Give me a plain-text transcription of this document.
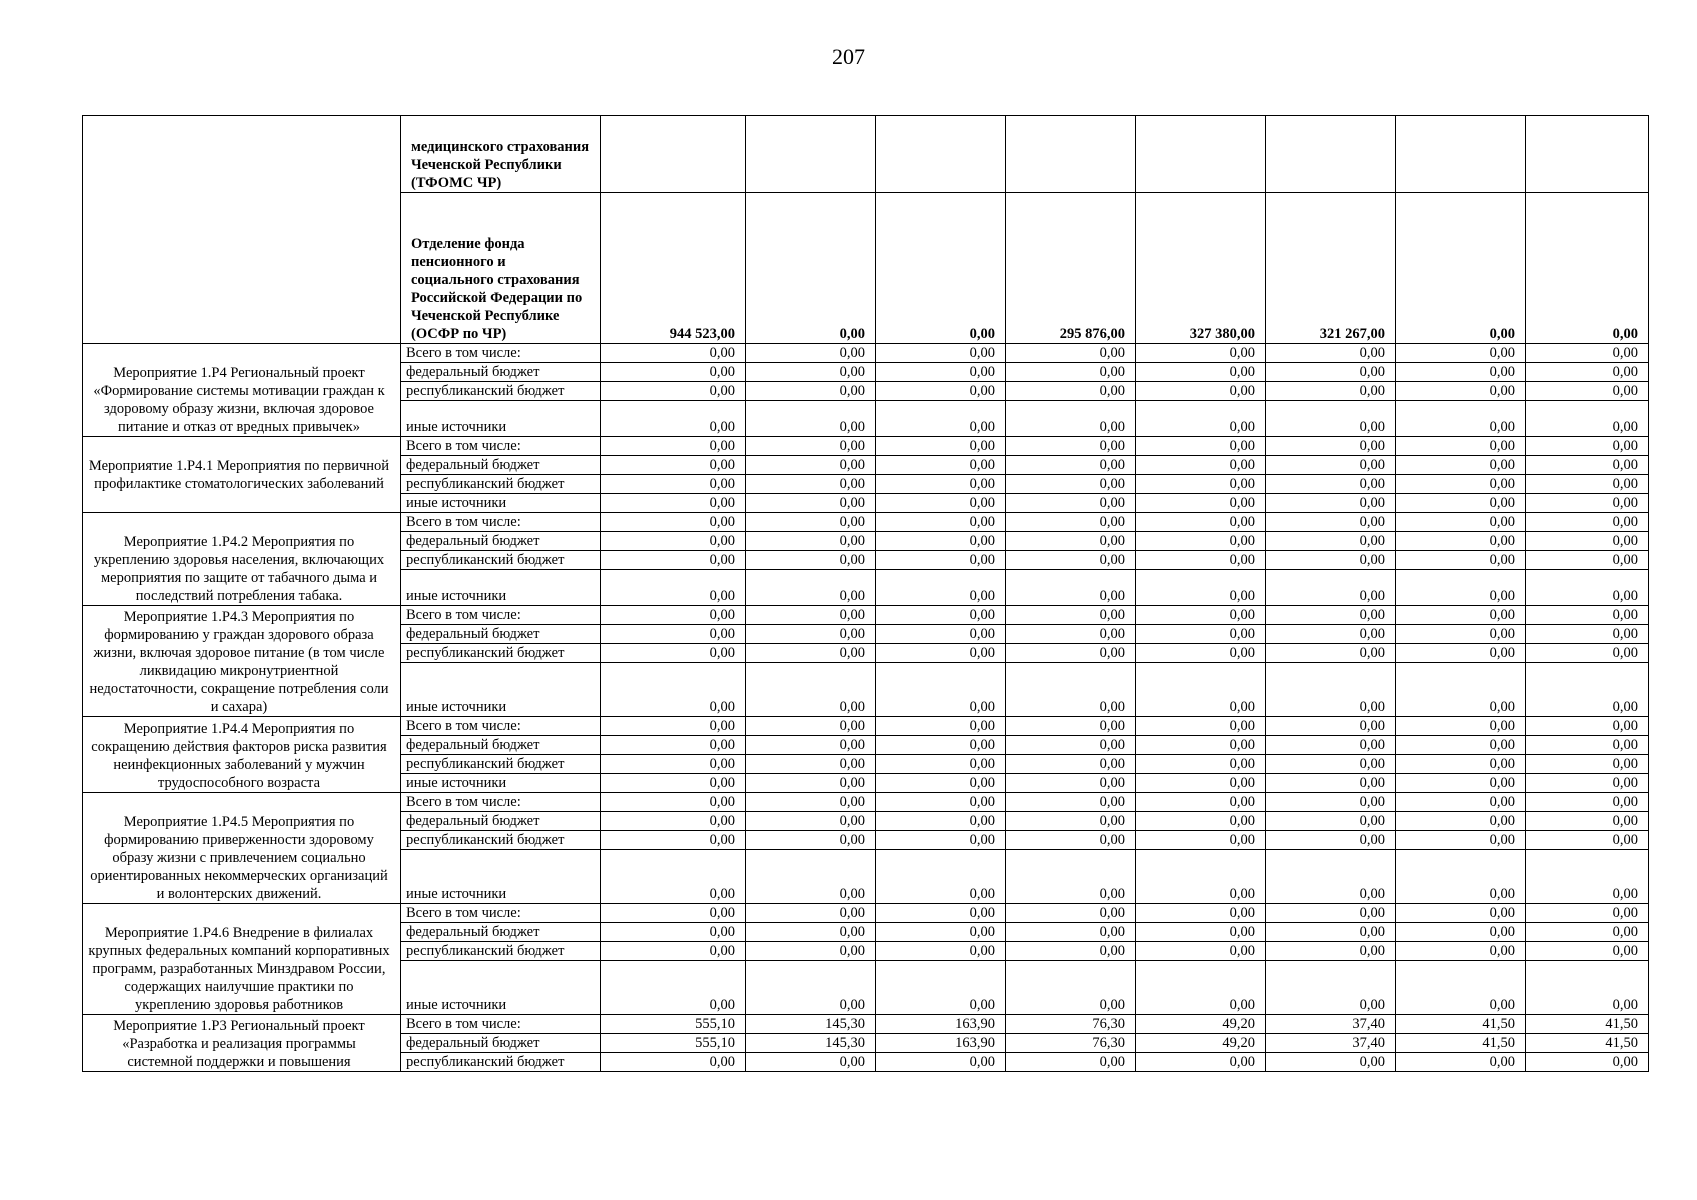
207
	медицинского страхования Чеченской Республики (ТФОМС ЧР)								
	Отделение фонда пенсионного и социального страхования Российской Федерации по Чеченской Республике (ОСФР по ЧР)	944 523,00	0,00	0,00	295 876,00	327 380,00	321 267,00	0,00	0,00
Мероприятие 1.Р4 Региональный проект «Формирование системы мотивации граждан к здоровому образу жизни, включая здоровое питание и отказ от вредных привычек»	Всего в том числе:	0,00	0,00	0,00	0,00	0,00	0,00	0,00	0,00
	федеральный бюджет	0,00	0,00	0,00	0,00	0,00	0,00	0,00	0,00
	республиканский бюджет	0,00	0,00	0,00	0,00	0,00	0,00	0,00	0,00
	иные источники	0,00	0,00	0,00	0,00	0,00	0,00	0,00	0,00
Мероприятие 1.Р4.1 Мероприятия по первичной профилактике стоматологических заболеваний	Всего в том числе:	0,00	0,00	0,00	0,00	0,00	0,00	0,00	0,00
	федеральный бюджет	0,00	0,00	0,00	0,00	0,00	0,00	0,00	0,00
	республиканский бюджет	0,00	0,00	0,00	0,00	0,00	0,00	0,00	0,00
	иные источники	0,00	0,00	0,00	0,00	0,00	0,00	0,00	0,00
Мероприятие 1.Р4.2 Мероприятия по укреплению здоровья населения, включающих мероприятия по защите от табачного дыма и последствий потребления табака.	Всего в том числе:	0,00	0,00	0,00	0,00	0,00	0,00	0,00	0,00
	федеральный бюджет	0,00	0,00	0,00	0,00	0,00	0,00	0,00	0,00
	республиканский бюджет	0,00	0,00	0,00	0,00	0,00	0,00	0,00	0,00
	иные источники	0,00	0,00	0,00	0,00	0,00	0,00	0,00	0,00
Мероприятие 1.Р4.3 Мероприятия по формированию у граждан здорового образа жизни, включая здоровое питание (в том числе ликвидацию микронутриентной недостаточности, сокращение потребления соли и сахара)	Всего в том числе:	0,00	0,00	0,00	0,00	0,00	0,00	0,00	0,00
	федеральный бюджет	0,00	0,00	0,00	0,00	0,00	0,00	0,00	0,00
	республиканский бюджет	0,00	0,00	0,00	0,00	0,00	0,00	0,00	0,00
	иные источники	0,00	0,00	0,00	0,00	0,00	0,00	0,00	0,00
Мероприятие 1.Р4.4 Мероприятия по сокращению действия факторов риска развития неинфекционных заболеваний у мужчин трудоспособного возраста	Всего в том числе:	0,00	0,00	0,00	0,00	0,00	0,00	0,00	0,00
	федеральный бюджет	0,00	0,00	0,00	0,00	0,00	0,00	0,00	0,00
	республиканский бюджет	0,00	0,00	0,00	0,00	0,00	0,00	0,00	0,00
	иные источники	0,00	0,00	0,00	0,00	0,00	0,00	0,00	0,00
Мероприятие 1.Р4.5 Мероприятия по формированию приверженности здоровому образу жизни с привлечением социально ориентированных некоммерческих организаций и волонтерских движений.	Всего в том числе:	0,00	0,00	0,00	0,00	0,00	0,00	0,00	0,00
	федеральный бюджет	0,00	0,00	0,00	0,00	0,00	0,00	0,00	0,00
	республиканский бюджет	0,00	0,00	0,00	0,00	0,00	0,00	0,00	0,00
	иные источники	0,00	0,00	0,00	0,00	0,00	0,00	0,00	0,00
Мероприятие 1.Р4.6 Внедрение в филиалах крупных федеральных компаний корпоративных программ, разработанных Минздравом России, содержащих наилучшие практики по укреплению здоровья работников	Всего в том числе:	0,00	0,00	0,00	0,00	0,00	0,00	0,00	0,00
	федеральный бюджет	0,00	0,00	0,00	0,00	0,00	0,00	0,00	0,00
	республиканский бюджет	0,00	0,00	0,00	0,00	0,00	0,00	0,00	0,00
	иные источники	0,00	0,00	0,00	0,00	0,00	0,00	0,00	0,00
Мероприятие 1.Р3 Региональный проект «Разработка и реализация программы системной поддержки и повышения	Всего в том числе:	555,10	145,30	163,90	76,30	49,20	37,40	41,50	41,50
	федеральный бюджет	555,10	145,30	163,90	76,30	49,20	37,40	41,50	41,50
	республиканский бюджет	0,00	0,00	0,00	0,00	0,00	0,00	0,00	0,00
